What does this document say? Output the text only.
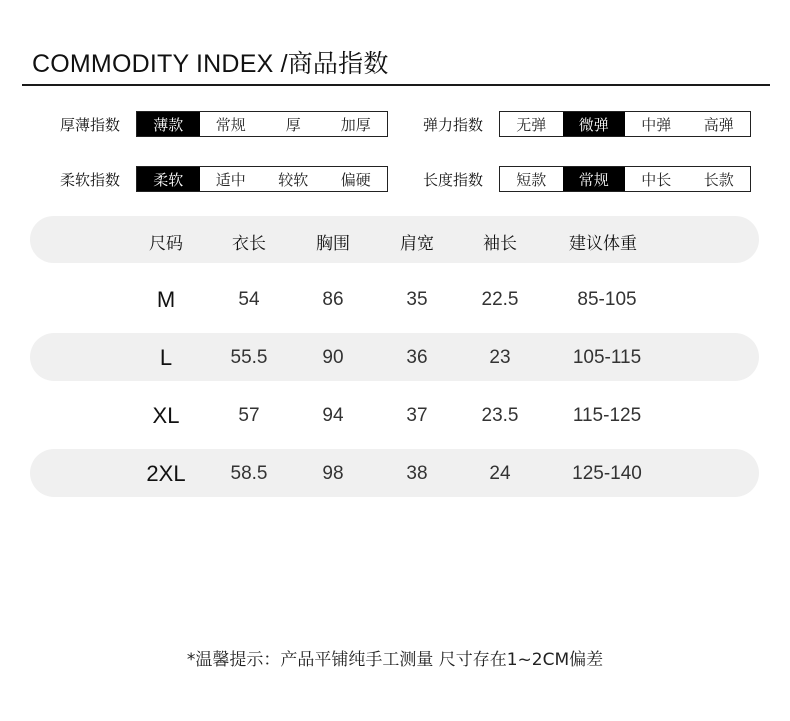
COMMODITY INDEX /商品指数
厚薄指数	薄款	常规	厚	加厚	弹力指数	无弹	微弹	中弹	高弹
柔软指数	柔软	适中	较软	偏硬	长度指数	短款	常规	中长	长款
尺码	衣长	胸围	肩宽	袖长	建议体重
M	54	86	35	22.5	85-105
L	55.5	90	36	23	105-115
XL	57	94	37	23.5	115-125
2XL 58.5	98	38	24	125-140
*温馨提示：产品平铺纯手工测量 尺寸存在1~2CM偏差
